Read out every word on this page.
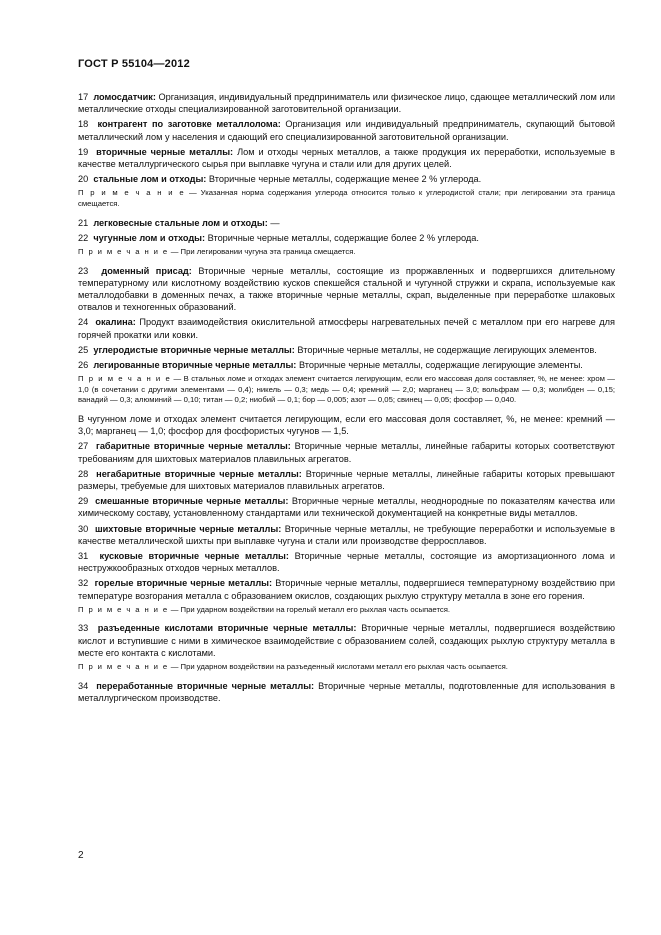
ГОСТ Р 55104—2012

17 ломосдатчик: Организация, индивидуальный предприниматель или физическое лицо, сдающее металлический лом или металлические отходы специализированной заготовительной организации.

18 контрагент по заготовке металлолома: Организация или индивидуальный предприниматель, скупающий бытовой металлический лом у населения и сдающий его специализированной заготовительной организации.

19 вторичные черные металлы: Лом и отходы черных металлов, а также продукция их переработки, используемые в качестве металлургического сырья при выплавке чугуна и стали или для других целей.

20 стальные лом и отходы: Вторичные черные металлы, содержащие менее 2 % углерода.

П р и м е ч а н и е — Указанная норма содержания углерода относится только к углеродистой стали; при легировании эта граница смещается.

21 легковесные стальные лом и отходы: —

22 чугунные лом и отходы: Вторичные черные металлы, содержащие более 2 % углерода.

П р и м е ч а н и е — При легировании чугуна эта граница смещается.

23 доменный присад: Вторичные черные металлы, состоящие из проржавленных и подвергшихся длительному температурному или кислотному воздействию кусков спекшейся стальной и чугунной стружки и скрапа, используемые как металлодобавки в доменных печах, а также вторичные черные металлы, скрап, выделенные при переработке шлаковых отвалов и техногенных образований.

24 окалина: Продукт взаимодействия окислительной атмосферы нагревательных печей с металлом при его нагреве для горячей прокатки или ковки.

25 углеродистые вторичные черные металлы: Вторичные черные металлы, не содержащие легирующих элементов.

26 легированные вторичные черные металлы: Вторичные черные металлы, содержащие легирующие элементы.

П р и м е ч а н и е — В стальных ломе и отходах элемент считается легирующим, если его массовая доля составляет, %, не менее: хром — 1,0 (в сочетании с другими элементами — 0,4); никель — 0,3; медь — 0,4; кремний — 2,0; марганец — 3,0; вольфрам — 0,3; молибден — 0,15; ванадий — 0,3; алюминий — 0,10; титан — 0,2; ниобий — 0,1; бор — 0,005; азот — 0,05; свинец — 0,05; фосфор — 0,040.

В чугунном ломе и отходах элемент считается легирующим, если его массовая доля составляет, %, не менее: кремний — 3,0; марганец — 1,0; фосфор для фосфористых чугунов — 1,5.

27 габаритные вторичные черные металлы: Вторичные черные металлы, линейные габариты которых соответствуют требованиям для шихтовых материалов плавильных агрегатов.

28 негабаритные вторичные черные металлы: Вторичные черные металлы, линейные габариты которых превышают размеры, требуемые для шихтовых материалов плавильных агрегатов.

29 смешанные вторичные черные металлы: Вторичные черные металлы, неоднородные по показателям качества или химическому составу, установленному стандартами или технической документацией на конкретные виды металлов.

30 шихтовые вторичные черные металлы: Вторичные черные металлы, не требующие переработки и используемые в качестве металлической шихты при выплавке чугуна и стали или производстве ферросплавов.

31 кусковые вторичные черные металлы: Вторичные черные металлы, состоящие из амортизационного лома и нестружкообразных отходов черных металлов.

32 горелые вторичные черные металлы: Вторичные черные металлы, подвергшиеся температурному воздействию при температуре возгорания металла с образованием окислов, создающих рыхлую структуру металла в зоне его горения.

П р и м е ч а н и е — При ударном воздействии на горелый металл его рыхлая часть осыпается.

33 разъеденные кислотами вторичные черные металлы: Вторичные черные металлы, подвергшиеся воздействию кислот и вступившие с ними в химическое взаимодействие с образованием солей, создающих рыхлую структуру металла в месте его контакта с кислотами.

П р и м е ч а н и е — При ударном воздействии на разъеденный кислотами металл его рыхлая часть осыпается.

34 переработанные вторичные черные металлы: Вторичные черные металлы, подготовленные для использования в металлургическом производстве.

2
